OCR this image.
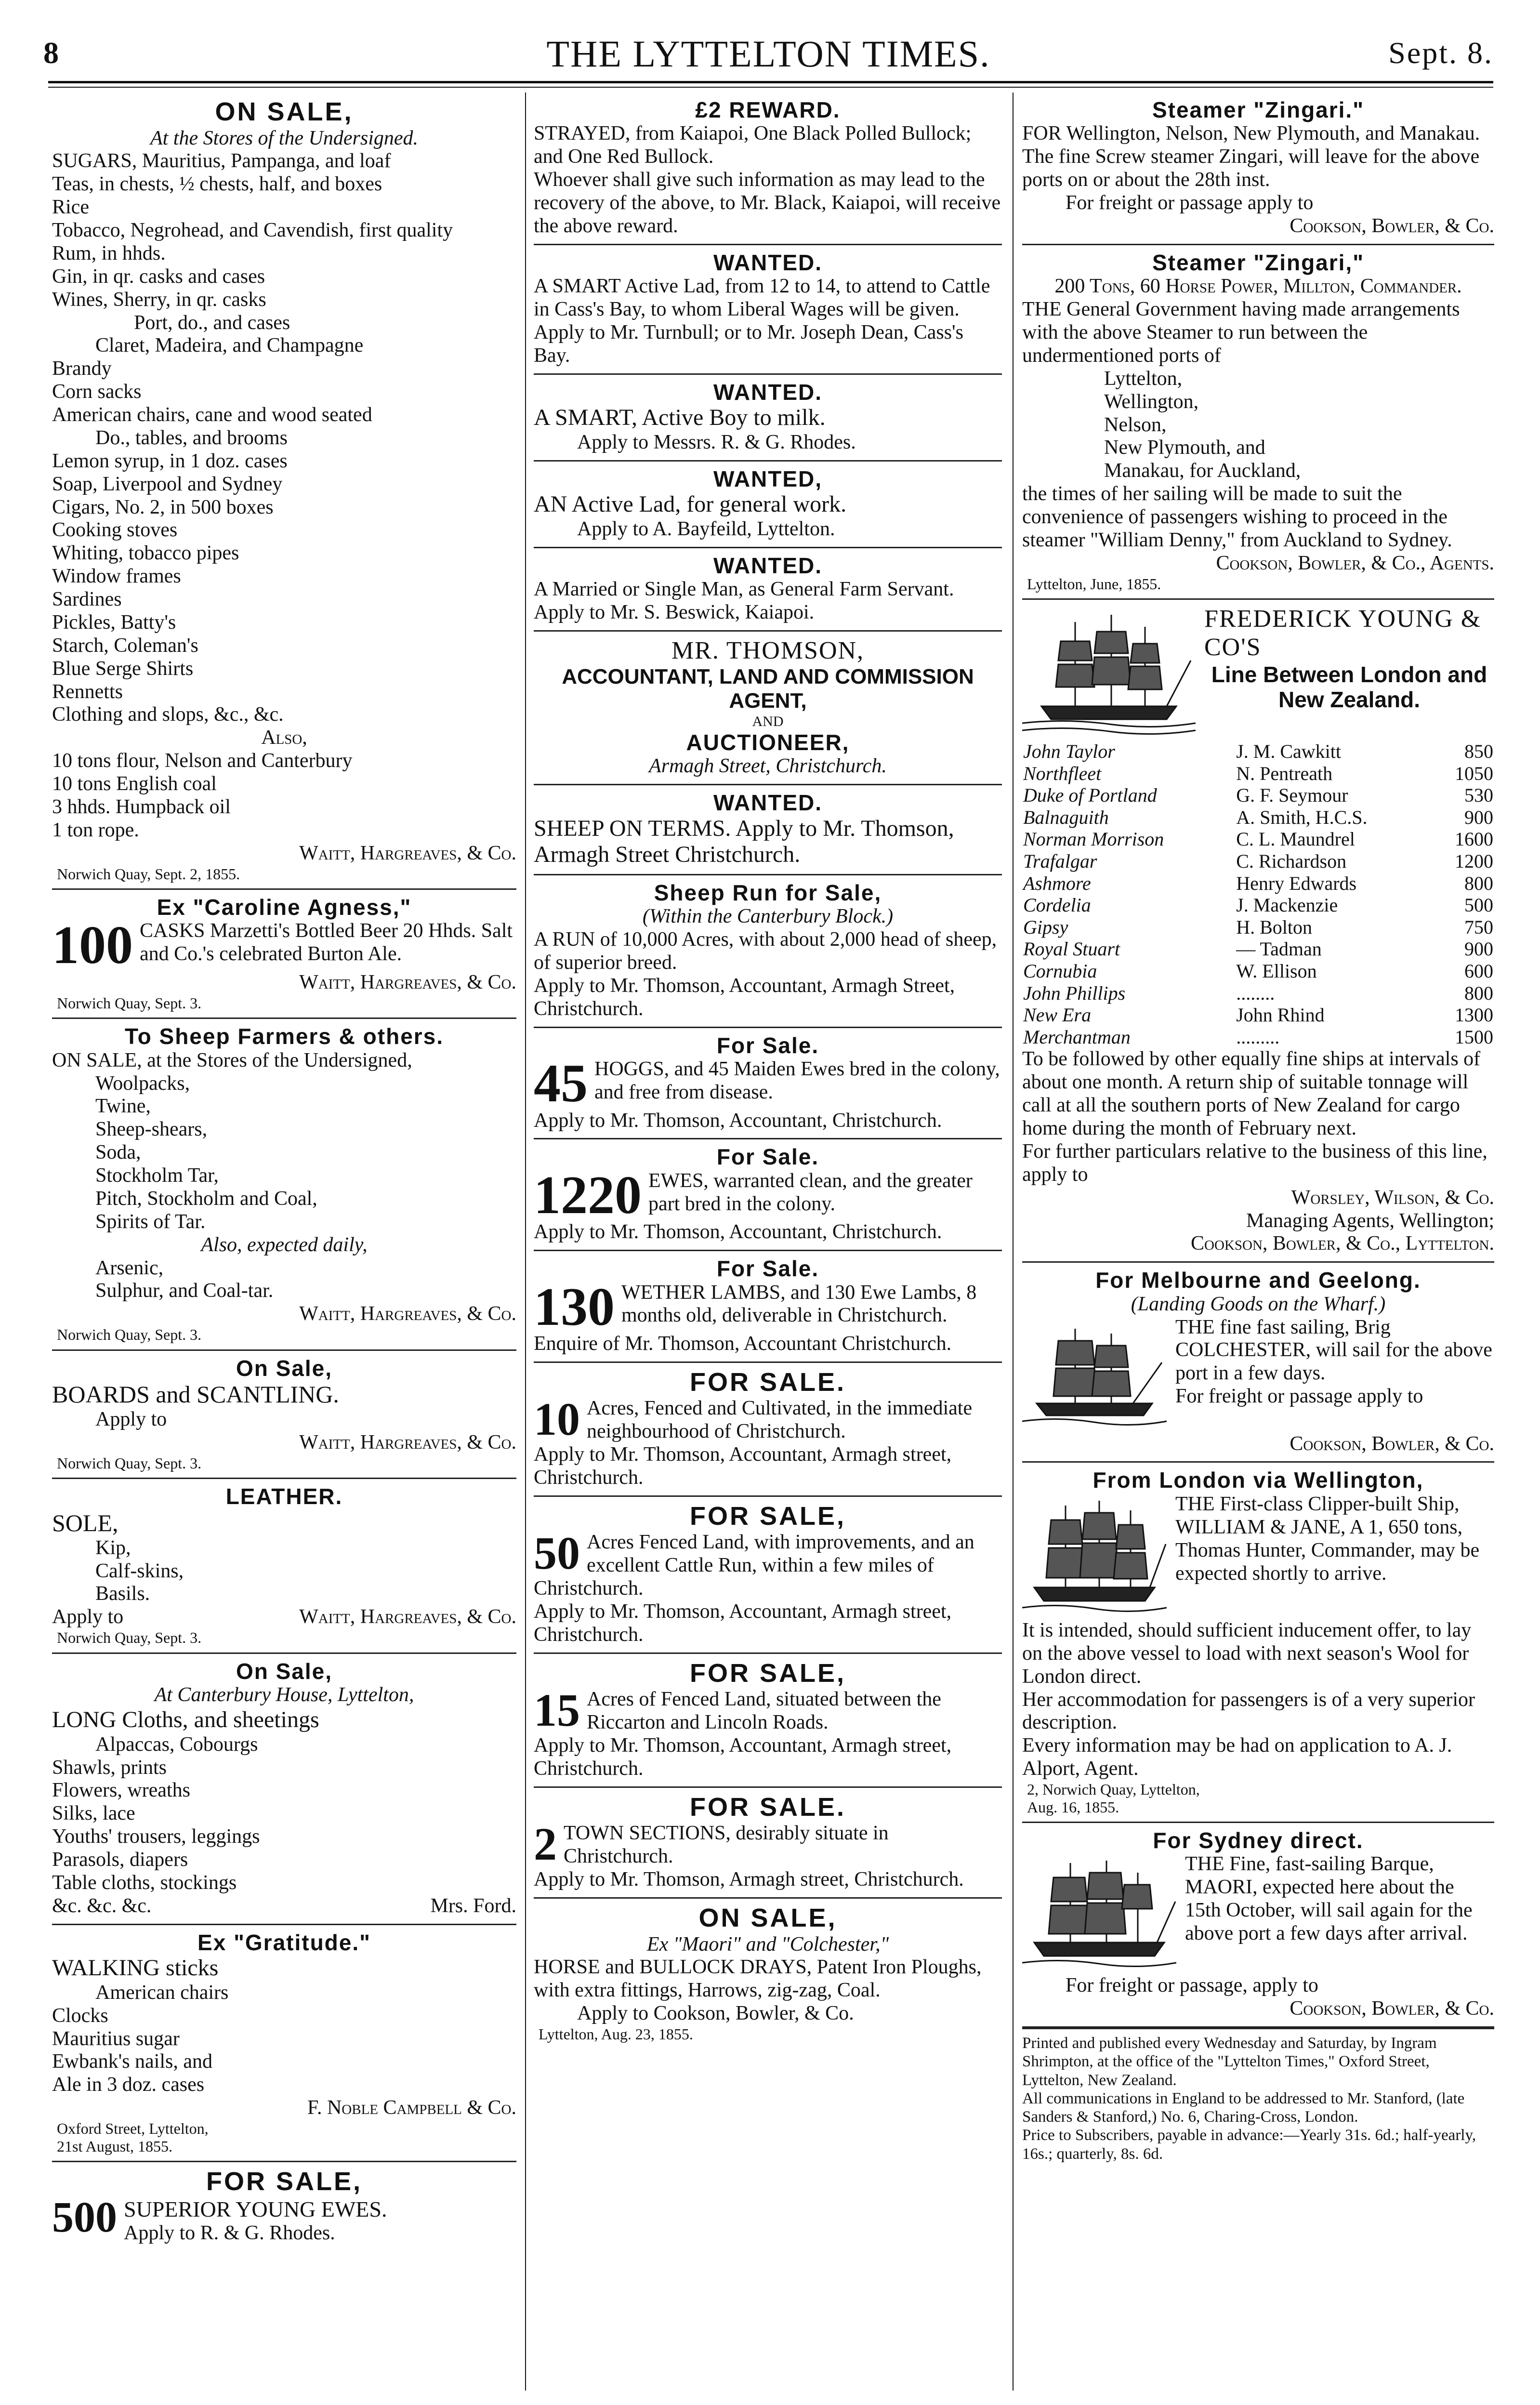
8	THE LYTTELTON TIMES.	Sept. 8.
ON SALE,
At the Stores of the Undersigned.
SUGARS, Mauritius, Pampanga, and loaf
Teas, in chests, ½ chests, half, and boxes
Rice
Tobacco, Negrohead, and Cavendish, first quality
Rum, in hhds.
Gin, in qr. casks and cases
Wines, Sherry, in qr. casks
Port, do., and cases
Claret, Madeira, and Champagne
Brandy
Corn sacks
American chairs, cane and wood seated
Do., tables, and brooms
Lemon syrup, in 1 doz. cases
Soap, Liverpool and Sydney
Cigars, No. 2, in 500 boxes
Cooking stoves
Whiting, tobacco pipes
Window frames
Sardines
Pickles, Batty's
Starch, Coleman's
Blue Serge Shirts
Rennetts
Clothing and slops, &c., &c.
Also,
10 tons flour, Nelson and Canterbury
10 tons English coal
3 hhds. Humpback oil
1 ton rope.
Waitt, Hargreaves, & Co.
Norwich Quay, Sept. 2, 1855.
Ex "Caroline Agness,"
100 CASKS Marzetti's Bottled Beer 20 Hhds. Salt and Co.'s celebrated Burton Ale.
Waitt, Hargreaves, & Co.
Norwich Quay, Sept. 3.
To Sheep Farmers & others.
ON SALE, at the Stores of the Undersigned,
Woolpacks,
Twine,
Sheep-shears,
Soda,
Stockholm Tar,
Pitch, Stockholm and Coal,
Spirits of Tar.
Also, expected daily,
Arsenic,
Sulphur, and Coal-tar.
Waitt, Hargreaves, & Co.
Norwich Quay, Sept. 3.
On Sale,
BOARDS and SCANTLING.
Apply to
Waitt, Hargreaves, & Co.
Norwich Quay, Sept. 3.
LEATHER.
SOLE,
Kip,
Calf-skins,
Basils.
Apply to	Waitt, Hargreaves, & Co.
Norwich Quay, Sept. 3.
On Sale,
At Canterbury House, Lyttelton,
LONG Cloths, and sheetings
Alpaccas, Cobourgs
Shawls, prints
Flowers, wreaths
Silks, lace
Youths' trousers, leggings
Parasols, diapers
Table cloths, stockings
&c. &c. &c.	Mrs. Ford.
Ex "Gratitude."
WALKING sticks
American chairs
Clocks
Mauritius sugar
Ewbank's nails, and
Ale in 3 doz. cases
F. Noble Campbell & Co.
Oxford Street, Lyttelton,
21st August, 1855.
FOR SALE,
500 SUPERIOR YOUNG EWES.
Apply to R. & G. Rhodes.
£2 REWARD.
STRAYED, from Kaiapoi, One Black Polled Bullock; and One Red Bullock.
Whoever shall give such information as may lead to the recovery of the above, to Mr. Black, Kaiapoi, will receive the above reward.
WANTED.
A SMART Active Lad, from 12 to 14, to attend to Cattle in Cass's Bay, to whom Liberal Wages will be given.
Apply to Mr. Turnbull; or to Mr. Joseph Dean, Cass's Bay.
WANTED.
A SMART, Active Boy to milk.
Apply to Messrs. R. & G. Rhodes.
WANTED,
AN Active Lad, for general work.
Apply to A. Bayfeild, Lyttelton.
WANTED.
A Married or Single Man, as General Farm Servant. Apply to Mr. S. Beswick, Kaiapoi.
MR. THOMSON,
ACCOUNTANT, LAND AND COMMISSION AGENT,
AND
AUCTIONEER,
Armagh Street, Christchurch.
WANTED.
SHEEP ON TERMS. Apply to Mr. Thomson, Armagh Street Christchurch.
Sheep Run for Sale,
(Within the Canterbury Block.)
A RUN of 10,000 Acres, with about 2,000 head of sheep, of superior breed.
Apply to Mr. Thomson, Accountant, Armagh Street, Christchurch.
For Sale.
45 HOGGS, and 45 Maiden Ewes bred in the colony, and free from disease.
Apply to Mr. Thomson, Accountant, Christchurch.
For Sale.
1220 EWES, warranted clean, and the greater part bred in the colony.
Apply to Mr. Thomson, Accountant, Christchurch.
For Sale.
130 WETHER LAMBS, and 130 Ewe Lambs, 8 months old, deliverable in Christchurch.
Enquire of Mr. Thomson, Accountant Christchurch.
FOR SALE.
10 Acres, Fenced and Cultivated, in the immediate neighbourhood of Christchurch.
Apply to Mr. Thomson, Accountant, Armagh street, Christchurch.
FOR SALE,
50 Acres Fenced Land, with improvements, and an excellent Cattle Run, within a few miles of Christchurch.
Apply to Mr. Thomson, Accountant, Armagh street, Christchurch.
FOR SALE,
15 Acres of Fenced Land, situated between the Riccarton and Lincoln Roads.
Apply to Mr. Thomson, Accountant, Armagh street, Christchurch.
FOR SALE.
2 TOWN SECTIONS, desirably situate in Christchurch.
Apply to Mr. Thomson, Armagh street, Christchurch.
ON SALE,
Ex "Maori" and "Colchester,"
HORSE and BULLOCK DRAYS, Patent Iron Ploughs, with extra fittings, Harrows, zig-zag, Coal.
Apply to Cookson, Bowler, & Co.
Lyttelton, Aug. 23, 1855.
Steamer "Zingari."
FOR Wellington, Nelson, New Plymouth, and Manakau.
The fine Screw steamer Zingari, will leave for the above ports on or about the 28th inst.
For freight or passage apply to
Cookson, Bowler, & Co.
Steamer "Zingari,"
200 Tons, 60 Horse Power, Millton, Commander.
THE General Government having made arrangements with the above Steamer to run between the undermentioned ports of
Lyttelton,
Wellington,
Nelson,
New Plymouth, and
Manakau, for Auckland,
the times of her sailing will be made to suit the convenience of passengers wishing to proceed in the steamer "William Denny," from Auckland to Sydney.
Cookson, Bowler, & Co., Agents.
Lyttelton, June, 1855.
FREDERICK YOUNG & CO'S
Line Between London and New Zealand.
John Taylor	J. M. Cawkitt	850
Northfleet	N. Pentreath	1050
Duke of Portland	G. F. Seymour	530
Balnaguith	A. Smith, H.C.S.	900
Norman Morrison	C. L. Maundrel	1600
Trafalgar	C. Richardson	1200
Ashmore	Henry Edwards	800
Cordelia	J. Mackenzie	500
Gipsy	H. Bolton	750
Royal Stuart	— Tadman	900
Cornubia	W. Ellison	600
John Phillips	........	800
New Era	John Rhind	1300
Merchantman	.........	1500
To be followed by other equally fine ships at intervals of about one month. A return ship of suitable tonnage will call at all the southern ports of New Zealand for cargo home during the month of February next.
For further particulars relative to the business of this line, apply to
Worsley, Wilson, & Co.
Managing Agents, Wellington;
Cookson, Bowler, & Co., Lyttelton.
For Melbourne and Geelong.
(Landing Goods on the Wharf.)
THE fine fast sailing, Brig COLCHESTER, will sail for the above port in a few days.
For freight or passage apply to
Cookson, Bowler, & Co.
From London via Wellington,
THE First-class Clipper-built Ship, WILLIAM & JANE, A 1, 650 tons, Thomas Hunter, Commander, may be expected shortly to arrive.
It is intended, should sufficient inducement offer, to lay on the above vessel to load with next season's Wool for London direct.
Her accommodation for passengers is of a very superior description.
Every information may be had on application to A. J. Alport, Agent.
2, Norwich Quay, Lyttelton,
Aug. 16, 1855.
For Sydney direct.
THE Fine, fast-sailing Barque, MAORI, expected here about the 15th October, will sail again for the above port a few days after arrival.
For freight or passage, apply to
Cookson, Bowler, & Co.
Printed and published every Wednesday and Saturday, by Ingram Shrimpton, at the office of the "Lyttelton Times," Oxford Street, Lyttelton, New Zealand.
All communications in England to be addressed to Mr. Stanford, (late Sanders & Stanford,) No. 6, Charing-Cross, London.
Price to Subscribers, payable in advance:—Yearly 31s. 6d.; half-yearly, 16s.; quarterly, 8s. 6d.
